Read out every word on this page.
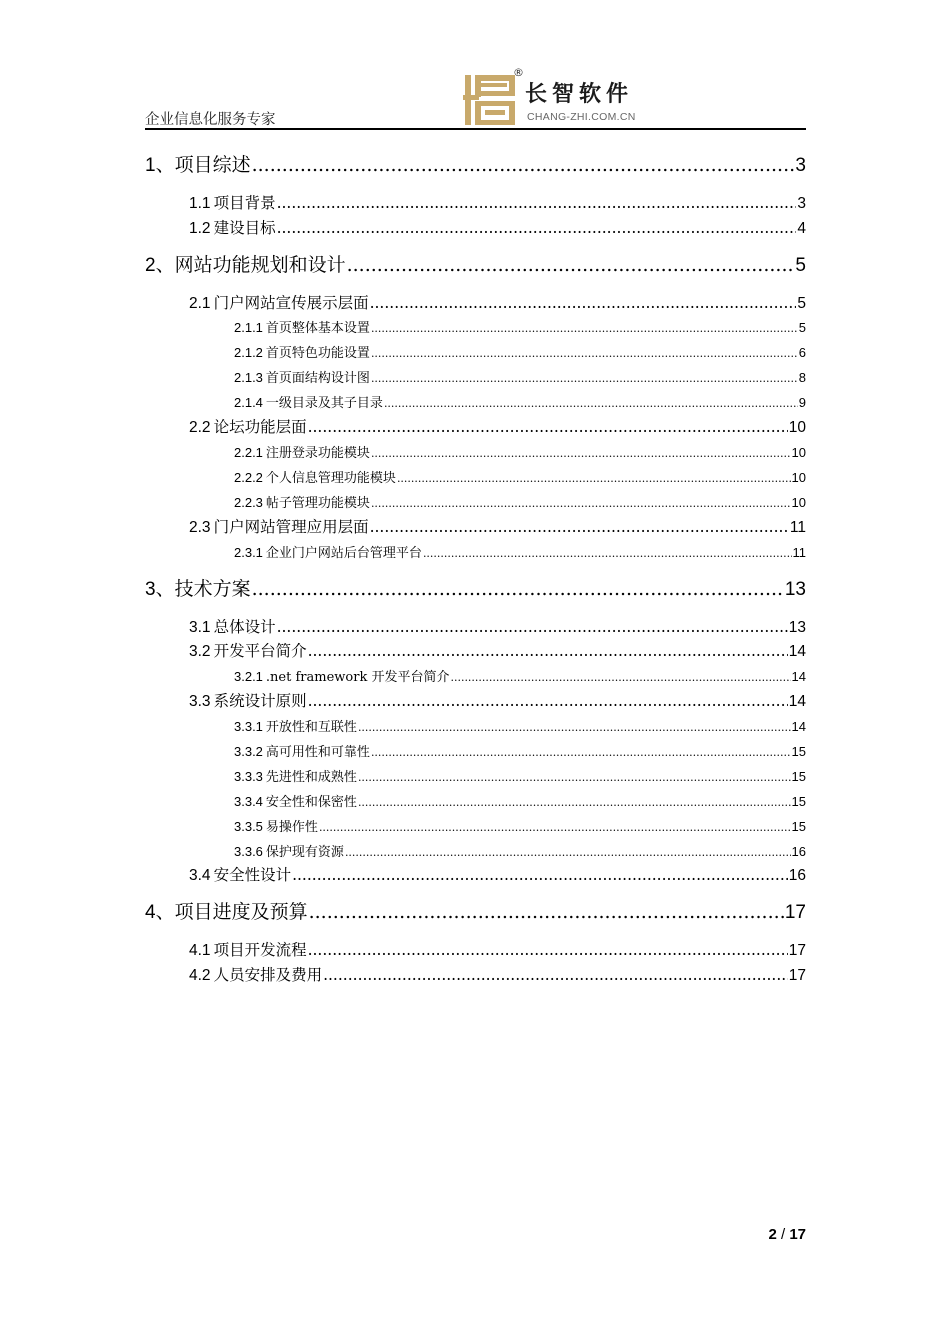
企业信息化服务专家
®
长智软件
CHANG-ZHI.COM.CN
1、 项目综述 .....	3
1.1 项目背景 .....	3
1.2 建设目标 .....	4
2、 网站功能规划和设计 .....	5
2.1 门户网站宣传展示层面 .....	5
2.1.1 首页整体基本设置 .....	5
2.1.2 首页特色功能设置 .....	6
2.1.3 首页面结构设计图 .....	8
2.1.4 一级目录及其子目录 .....	9
2.2 论坛功能层面 .....	10
2.2.1 注册登录功能模块 .....	10
2.2.2 个人信息管理功能模块 .....	10
2.2.3 帖子管理功能模块 .....	10
2.3 门户网站管理应用层面 .....	11
2.3.1 企业门户网站后台管理平台 .....	11
3、 技术方案 .....	13
3.1 总体设计 .....	13
3.2 开发平台简介 .....	14
3.2.1 .net framework 开发平台简介 .....	14
3.3 系统设计原则 .....	14
3.3.1 开放性和互联性 .....	14
3.3.2 高可用性和可靠性 .....	15
3.3.3 先进性和成熟性 .....	15
3.3.4 安全性和保密性 .....	15
3.3.5 易操作性 .....	15
3.3.6 保护现有资源 .....	16
3.4 安全性设计 .....	16
4、 项目进度及预算 .....	17
4.1 项目开发流程 .....	17
4.2 人员安排及费用 .....	17
2 / 17
